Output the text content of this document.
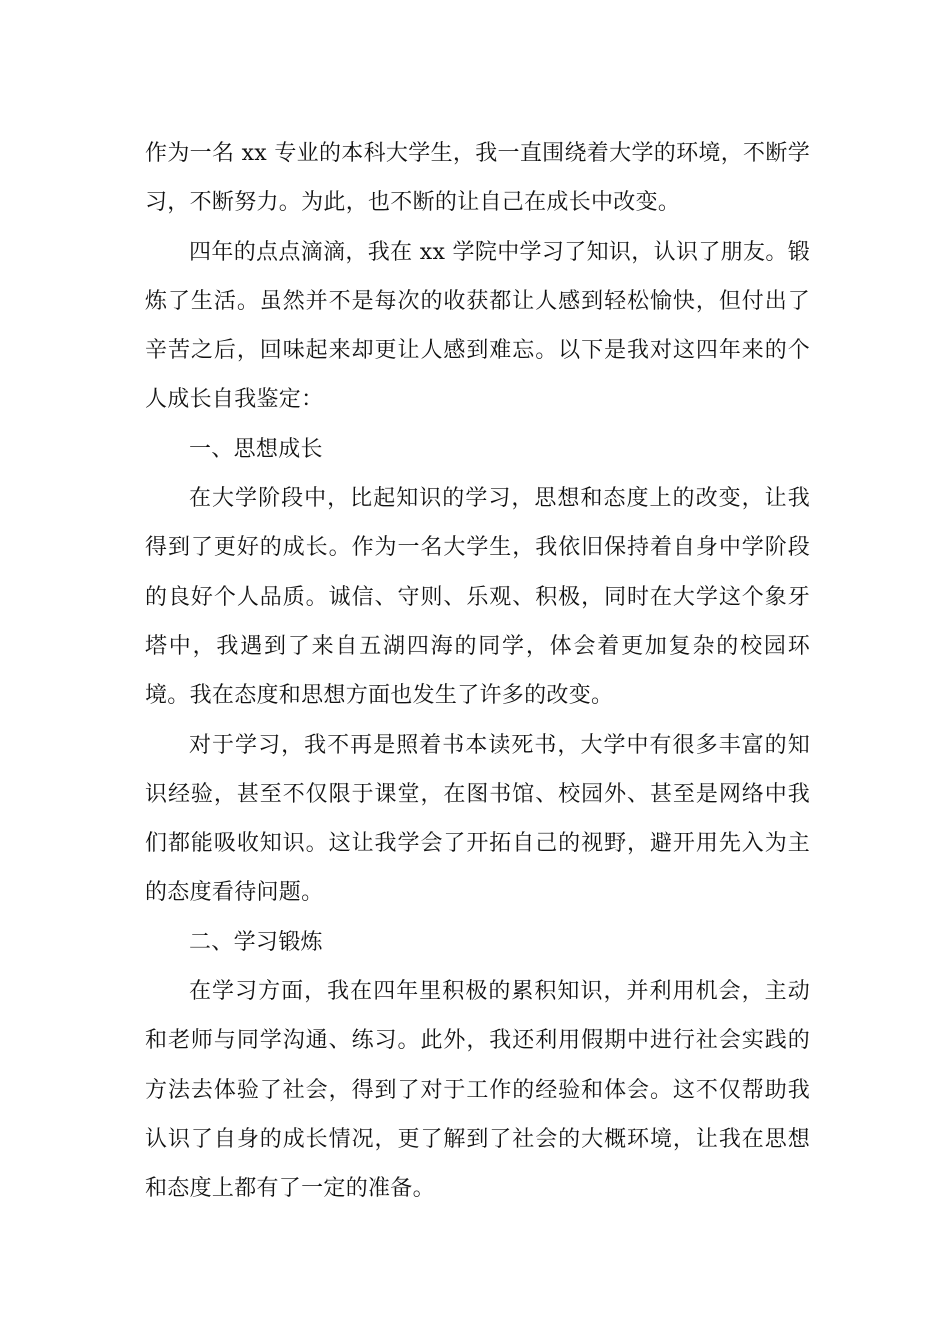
作为一名 xx 专业的本科大学生，我一直围绕着大学的环境，不断学习，不断努力。为此，也不断的让自己在成长中改变。

四年的点点滴滴，我在 xx 学院中学习了知识，认识了朋友。锻炼了生活。虽然并不是每次的收获都让人感到轻松愉快，但付出了辛苦之后，回味起来却更让人感到难忘。以下是我对这四年来的个人成长自我鉴定：

一、思想成长

在大学阶段中，比起知识的学习，思想和态度上的改变，让我得到了更好的成长。作为一名大学生，我依旧保持着自身中学阶段的良好个人品质。诚信、守则、乐观、积极，同时在大学这个象牙塔中，我遇到了来自五湖四海的同学，体会着更加复杂的校园环境。我在态度和思想方面也发生了许多的改变。

对于学习，我不再是照着书本读死书，大学中有很多丰富的知识经验，甚至不仅限于课堂，在图书馆、校园外、甚至是网络中我们都能吸收知识。这让我学会了开拓自己的视野，避开用先入为主的态度看待问题。

二、学习锻炼

在学习方面，我在四年里积极的累积知识，并利用机会，主动和老师与同学沟通、练习。此外，我还利用假期中进行社会实践的方法去体验了社会，得到了对于工作的经验和体会。这不仅帮助我认识了自身的成长情况，更了解到了社会的大概环境，让我在思想和态度上都有了一定的准备。
